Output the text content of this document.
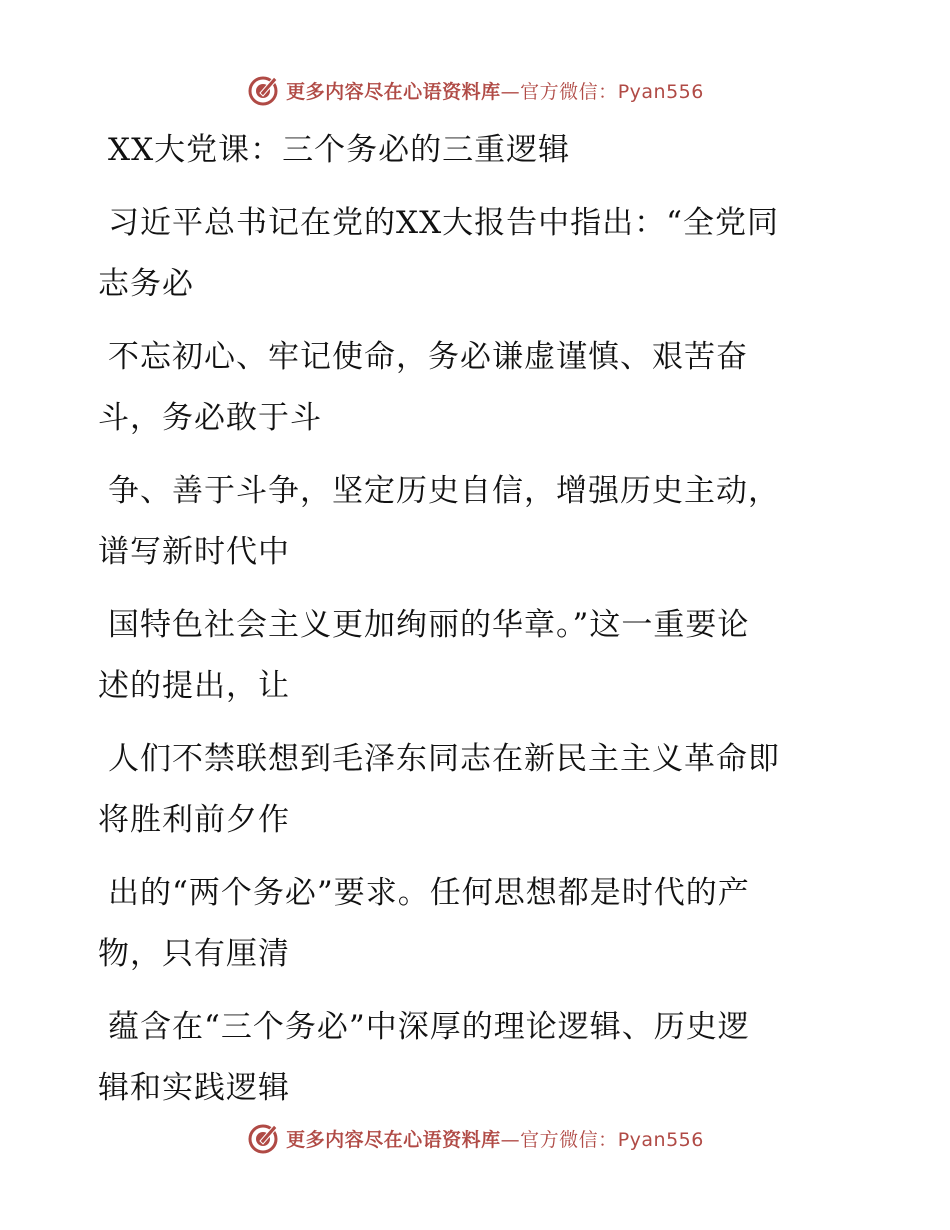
更多内容尽在心语资料库—官方微信：Pyan556
XX大党课：三个务必的三重逻辑
习近平总书记在党的XX大报告中指出：“全党同
志务必
不忘初心、牢记使命，务必谦虚谨慎、艰苦奋
斗，务必敢于斗
争、善于斗争，坚定历史自信，增强历史主动，
谱写新时代中
国特色社会主义更加绚丽的华章。”这一重要论
述的提出，让
人们不禁联想到毛泽东同志在新民主主义革命即
将胜利前夕作
出的“两个务必”要求。任何思想都是时代的产
物，只有厘清
蕴含在“三个务必”中深厚的理论逻辑、历史逻
辑和实践逻辑
更多内容尽在心语资料库—官方微信：Pyan556
